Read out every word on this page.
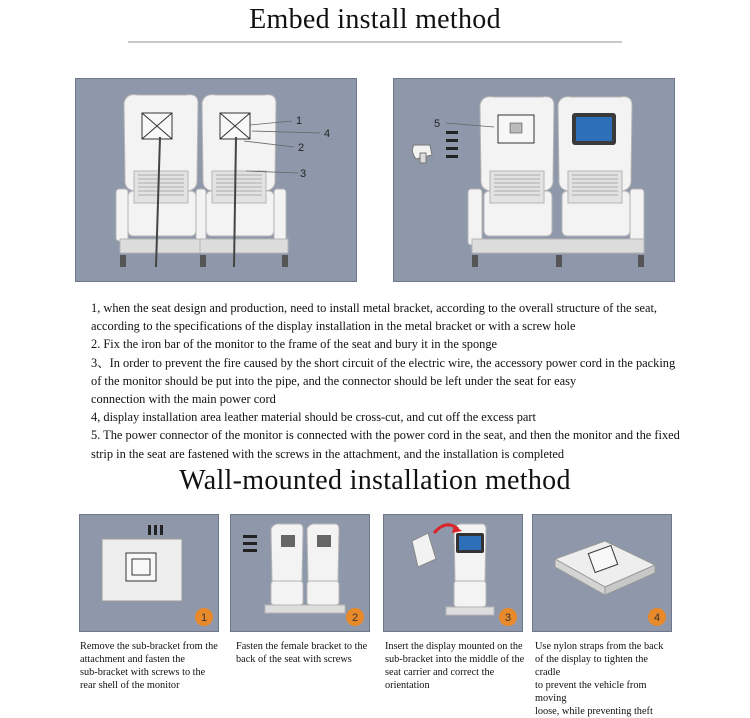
Embed install method
1
4
2
3
5
1, when the seat design and production, need to install metal bracket, according to the overall structure of the seat,
according to the specifications of the display installation in the metal bracket or with a screw hole
2. Fix the iron bar of the monitor to the frame of the seat and bury it in the sponge
3、In order to prevent the fire caused by the short circuit of the electric wire, the accessory power cord in the packing
of the monitor should be put into the pipe, and the connector should be left under the seat for easy
connection with the main power cord
4, display installation area leather material should be cross-cut, and cut off the excess part
5. The power connector of the monitor is connected with the power cord in the seat, and then the monitor and the fixed
strip in the seat are fastened with the screws in the attachment, and the installation is completed
Wall-mounted installation method
1
Remove the sub-bracket from the
attachment and fasten the
sub-bracket with screws to the
rear shell of the monitor
2
Fasten the female bracket to the
back of the seat with screws
3
Insert the display mounted on the
sub-bracket into the middle of the
seat carrier and correct the
orientation
4
Use nylon straps from the back
of the display to tighten the cradle
to prevent the vehicle from moving
loose, while preventing theft
